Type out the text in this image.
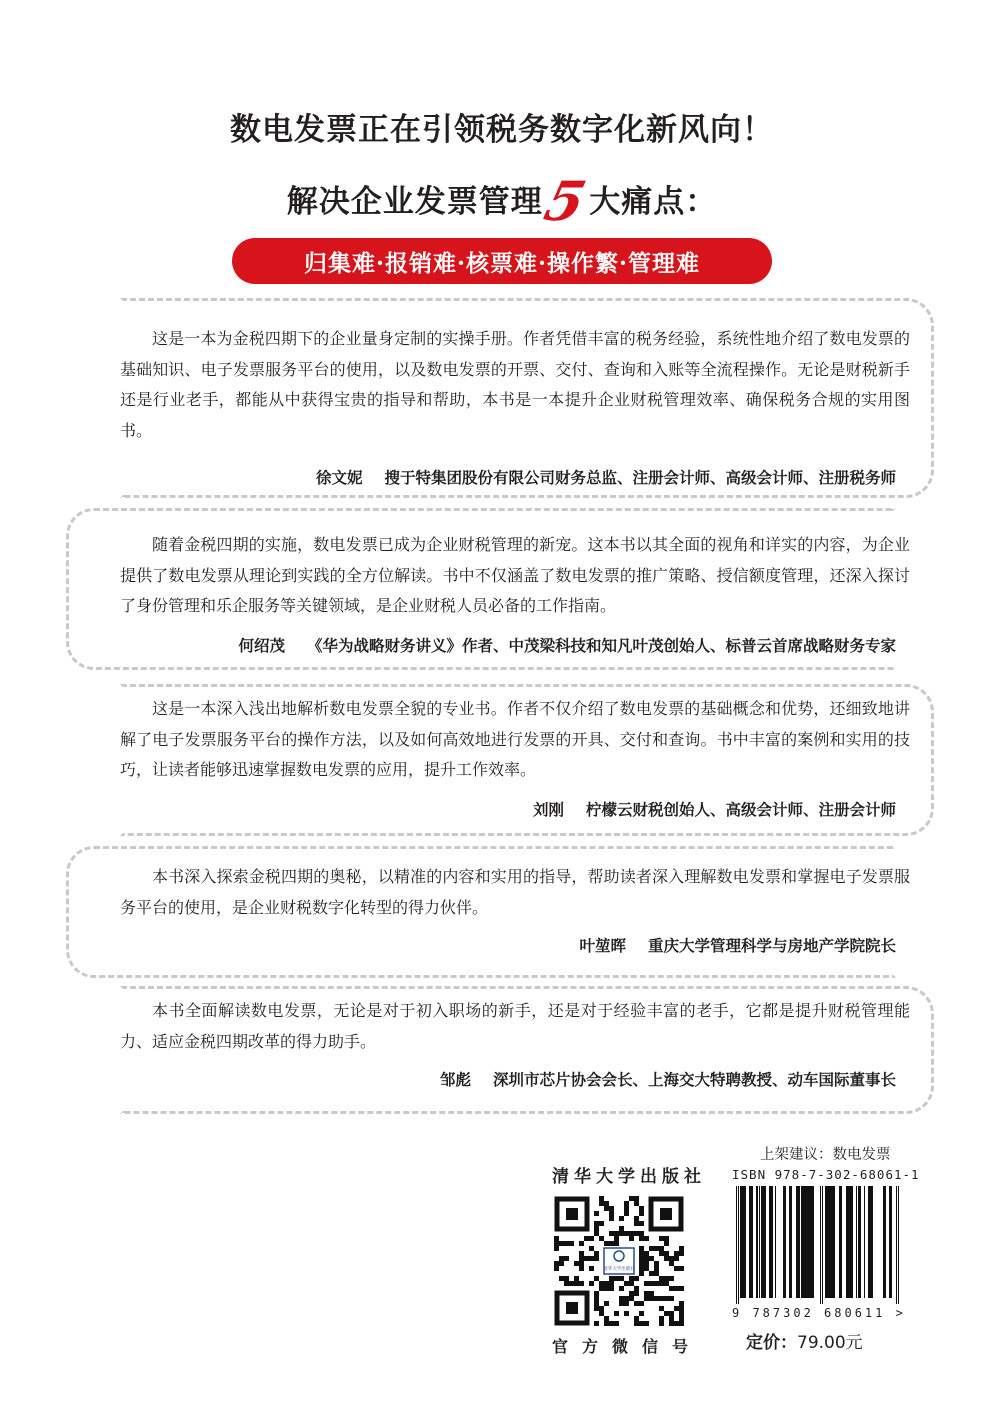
数电发票正在引领税务数字化新风向！
解决企业发票管理5大痛点：
归集难·报销难·核票难·操作繁·管理难

这是一本为金税四期下的企业量身定制的实操手册。作者凭借丰富的税务经验，系统性地介绍了数电发票的基础知识、电子发票服务平台的使用，以及数电发票的开票、交付、查询和入账等全流程操作。无论是财税新手还是行业老手，都能从中获得宝贵的指导和帮助，本书是一本提升企业财税管理效率、确保税务合规的实用图书。

徐文妮 搜于特集团股份有限公司财务总监、注册会计师、高级会计师、注册税务师

随着金税四期的实施，数电发票已成为企业财税管理的新宠。这本书以其全面的视角和详实的内容，为企业提供了数电发票从理论到实践的全方位解读。书中不仅涵盖了数电发票的推广策略、授信额度管理，还深入探讨了身份管理和乐企服务等关键领域，是企业财税人员必备的工作指南。

何绍茂 《华为战略财务讲义》作者、中茂梁科技和知凡叶茂创始人、标普云首席战略财务专家

这是一本深入浅出地解析数电发票全貌的专业书。作者不仅介绍了数电发票的基础概念和优势，还细致地讲解了电子发票服务平台的操作方法，以及如何高效地进行发票的开具、交付和查询。书中丰富的案例和实用的技巧，让读者能够迅速掌握数电发票的应用，提升工作效率。

刘刚 柠檬云财税创始人、高级会计师、注册会计师

本书深入探索金税四期的奥秘，以精准的内容和实用的指导，帮助读者深入理解数电发票和掌握电子发票服务平台的使用，是企业财税数字化转型的得力伙伴。

叶堃晖 重庆大学管理科学与房地产学院院长

本书全面解读数电发票，无论是对于初入职场的新手，还是对于经验丰富的老手，它都是提升财税管理能力、适应金税四期改革的得力助手。

邹彪 深圳市芯片协会会长、上海交大特聘教授、动车国际董事长
清华大学出版社
清华大学出版社
官方微信号
上架建议：数电发票
ISBN 978-7-302-68061-1
9 787302 680611 >
定价：79.00元
